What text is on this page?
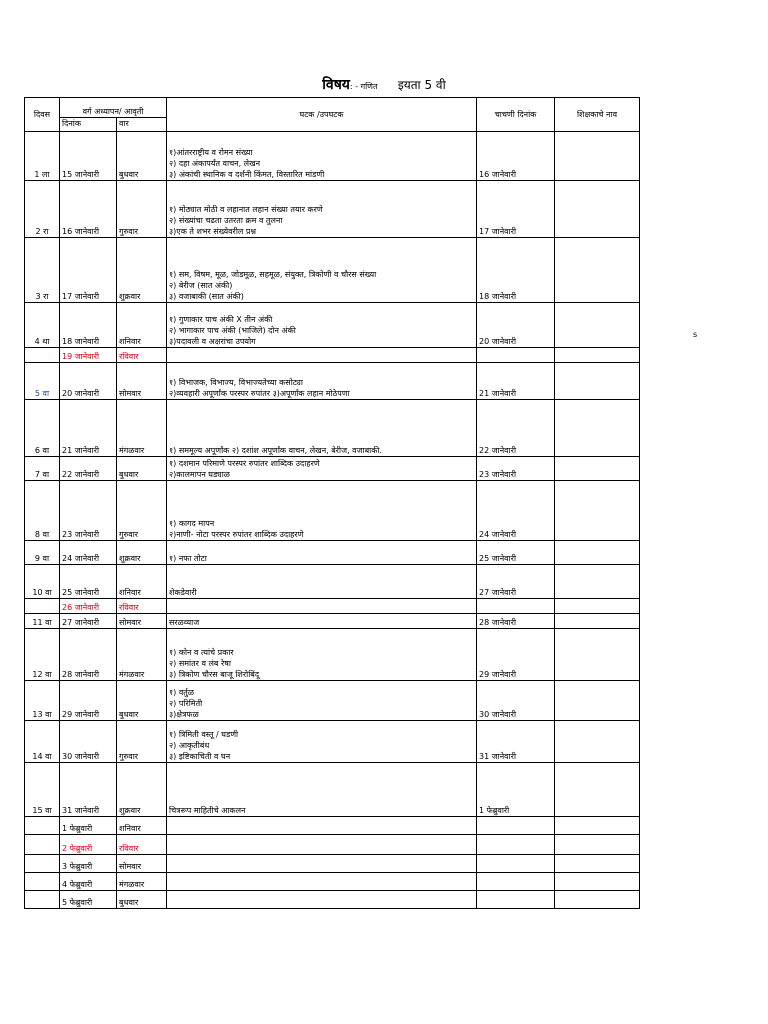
विषय: - गणित इयता 5 वी
दिवस	वर्ग अध्यापन/ आवृती		घटक /उपघटक	चाचणी दिनांक	शिक्षकाचे नाव
	दिनांक	वार			
1 ला	15 जानेवारी	बुधवार	१)आंतरराष्ट्रीय व रोमन संख्या
२) दहा अंकापर्यंत वाचन, लेखन
३) अंकांची स्थानिक व दर्शनी किंमत, विस्तारित मांडणी	16 जानेवारी	
2 रा	16 जानेवारी	गुरुवार	१) मोठ्यात मोठी व लहानात लहान संख्या तयार करणे
२) संख्यांचा चढता उतरता क्रम व तुलना
३)एक ते शभर संख्येवरील प्रश्न	17 जानेवारी	
3 रा	17 जानेवारी	शुक्रवार	१) सम, विषम, मूळ, जोडमूळ, सहमूळ, संयुक्त, त्रिकोणी व चौरस संख्या
२) बेरीज (सात अंकी)
३) वजाबाकी (सात अंकी)	18 जानेवारी	
4 था	18 जानेवारी	शनिवार	१) गुणाकार पाच अंकी X तीन अंकी
२) भागाकार पाच अंकी (भाजिले) दोन अंकी
३)पदावली व अक्षरांचा उपयोग	20 जानेवारी	
	19 जानेवारी	रविवार			
5 वा	20 जानेवारी	सोमवार	१) विभाजक, विभाज्य, विभाज्यतेच्या कसोट्या
२)व्यवहारी अपूर्णांक परस्पर रुपांतर ३)अपूर्णांक लहान मोठेपणा	21 जानेवारी	
6 वा	21 जानेवारी	मंगळवार	१) सममूल्य अपूर्णांक २) दशांश अपूर्णांक वाचन, लेखन, बेरीज, वजाबाकी.	22 जानेवारी	
7 वा	22 जानेवारी	बुधवार	१) दशमान परिमाणे परस्पर रुपांतर शाब्दिक उदाहरणे
२)कालमापन घड्याळ	23 जानेवारी	
8 वा	23 जानेवारी	गुरुवार	१) कागद मापन
२)नाणी- नोटा परस्पर रुपांतर शाब्दिक उदाहरणे	24 जानेवारी	
9 वा	24 जानेवारी	शुक्रवार	१) नफा तोटा	25 जानेवारी	
10 वा	25 जानेवारी	शनिवार	शेकडेवारी	27 जानेवारी	
	26 जानेवारी	रविवार			
11 वा	27 जानेवारी	सोमवार	सरळव्याज	28 जानेवारी	
12 वा	28 जानेवारी	मंगळवार	१) कोन व त्यांचे प्रकार
२) समांतर व लंब रेषा
३) त्रिकोण चौरस बाजू शिरोबिंदू	29 जानेवारी	
13 वा	29 जानेवारी	बुधवार	१) वर्तुळ
२) परिमिती
३)क्षेत्रफळ	30 जानेवारी	
14 वा	30 जानेवारी	गुरुवार	१) त्रिमिती वस्तू / घडणी
२) आकृतीबंध
३) इष्टिकाचिती व घन	31 जानेवारी	
15 वा	31 जानेवारी	शुक्रवार	चित्ररूप माहितीचे आकलन	1 फेब्रुवारी	
	1 फेब्रुवारी	शनिवार			
	2 फेब्रुवारी	रविवार			
	3 फेब्रुवारी	सोमवार			
	4 फेब्रुवारी	मंगळवार			
	5 फेब्रुवारी	बुधवार			
s
